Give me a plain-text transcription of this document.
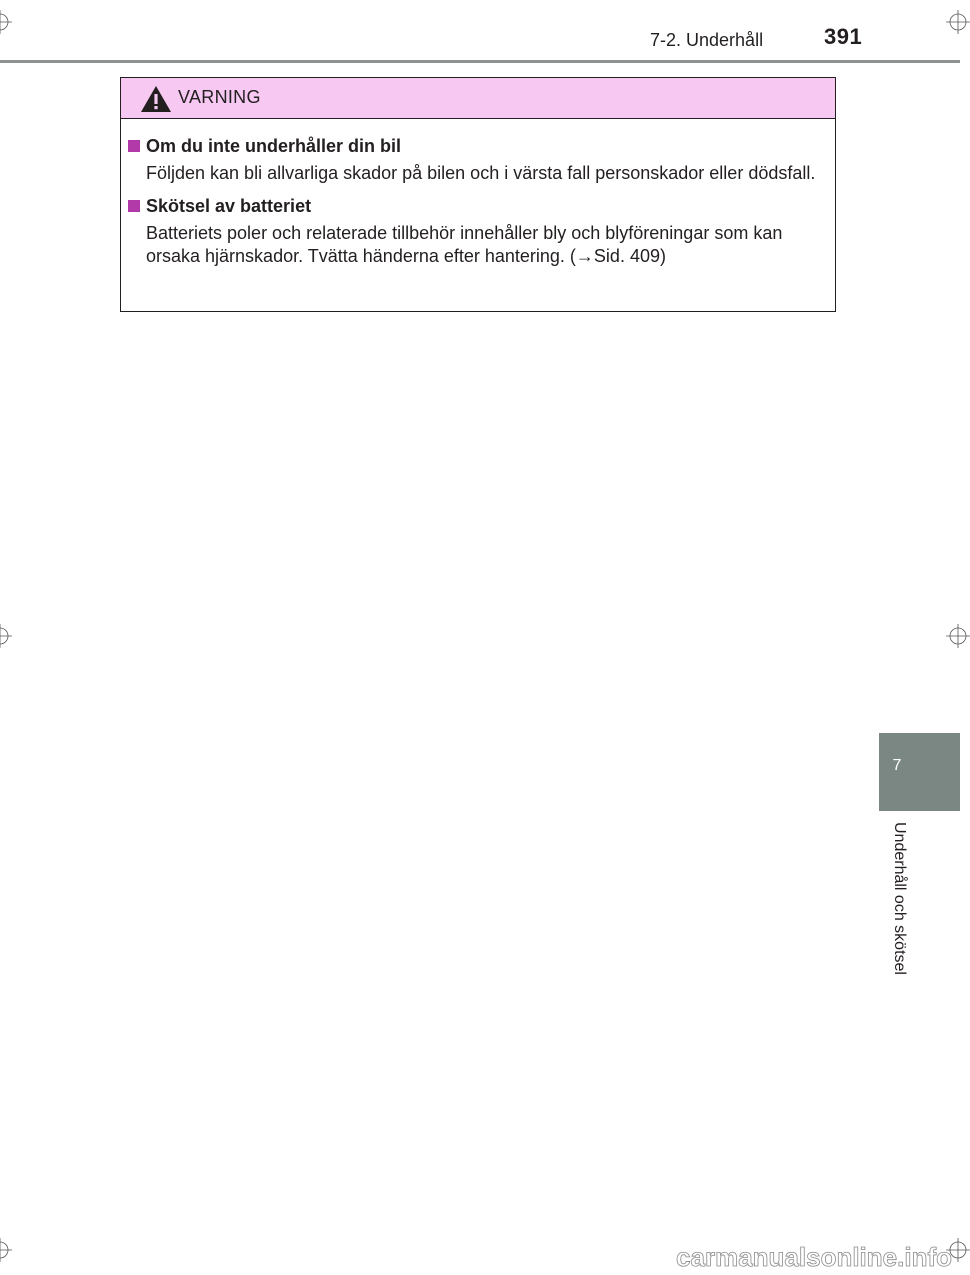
7-2. Underhåll	391
VARNING
Om du inte underhåller din bil
Följden kan bli allvarliga skador på bilen och i värsta fall personskador eller dödsfall.
Skötsel av batteriet
Batteriets poler och relaterade tillbehör innehåller bly och blyföreningar som kan orsaka hjärnskador. Tvätta händerna efter hantering. (→Sid. 409)
7
Underhåll och skötsel
carmanualsonline.info
